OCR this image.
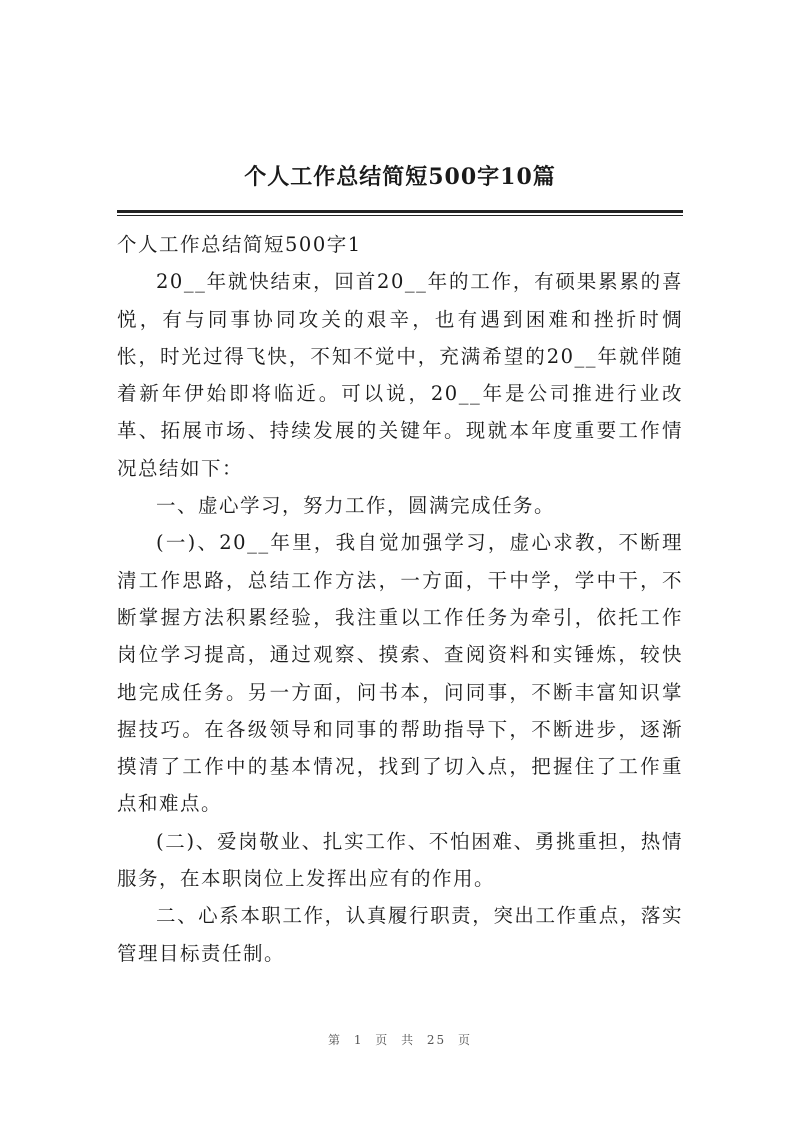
个人工作总结简短500字10篇

个人工作总结简短500字1

20__年就快结束，回首20__年的工作，有硕果累累的喜悦，有与同事协同攻关的艰辛，也有遇到困难和挫折时惆怅，时光过得飞快，不知不觉中，充满希望的20__年就伴随着新年伊始即将临近。可以说，20__年是公司推进行业改革、拓展市场、持续发展的关键年。现就本年度重要工作情况总结如下：

一、虚心学习，努力工作，圆满完成任务。

(一)、20__年里，我自觉加强学习，虚心求教，不断理清工作思路，总结工作方法，一方面，干中学，学中干，不断掌握方法积累经验，我注重以工作任务为牵引，依托工作岗位学习提高，通过观察、摸索、查阅资料和实锤炼，较快地完成任务。另一方面，问书本，问同事，不断丰富知识掌握技巧。在各级领导和同事的帮助指导下，不断进步，逐渐摸清了工作中的基本情况，找到了切入点，把握住了工作重点和难点。

(二)、爱岗敬业、扎实工作、不怕困难、勇挑重担，热情服务，在本职岗位上发挥出应有的作用。

二、心系本职工作，认真履行职责，突出工作重点，落实管理目标责任制。

第 1 页 共 25 页
